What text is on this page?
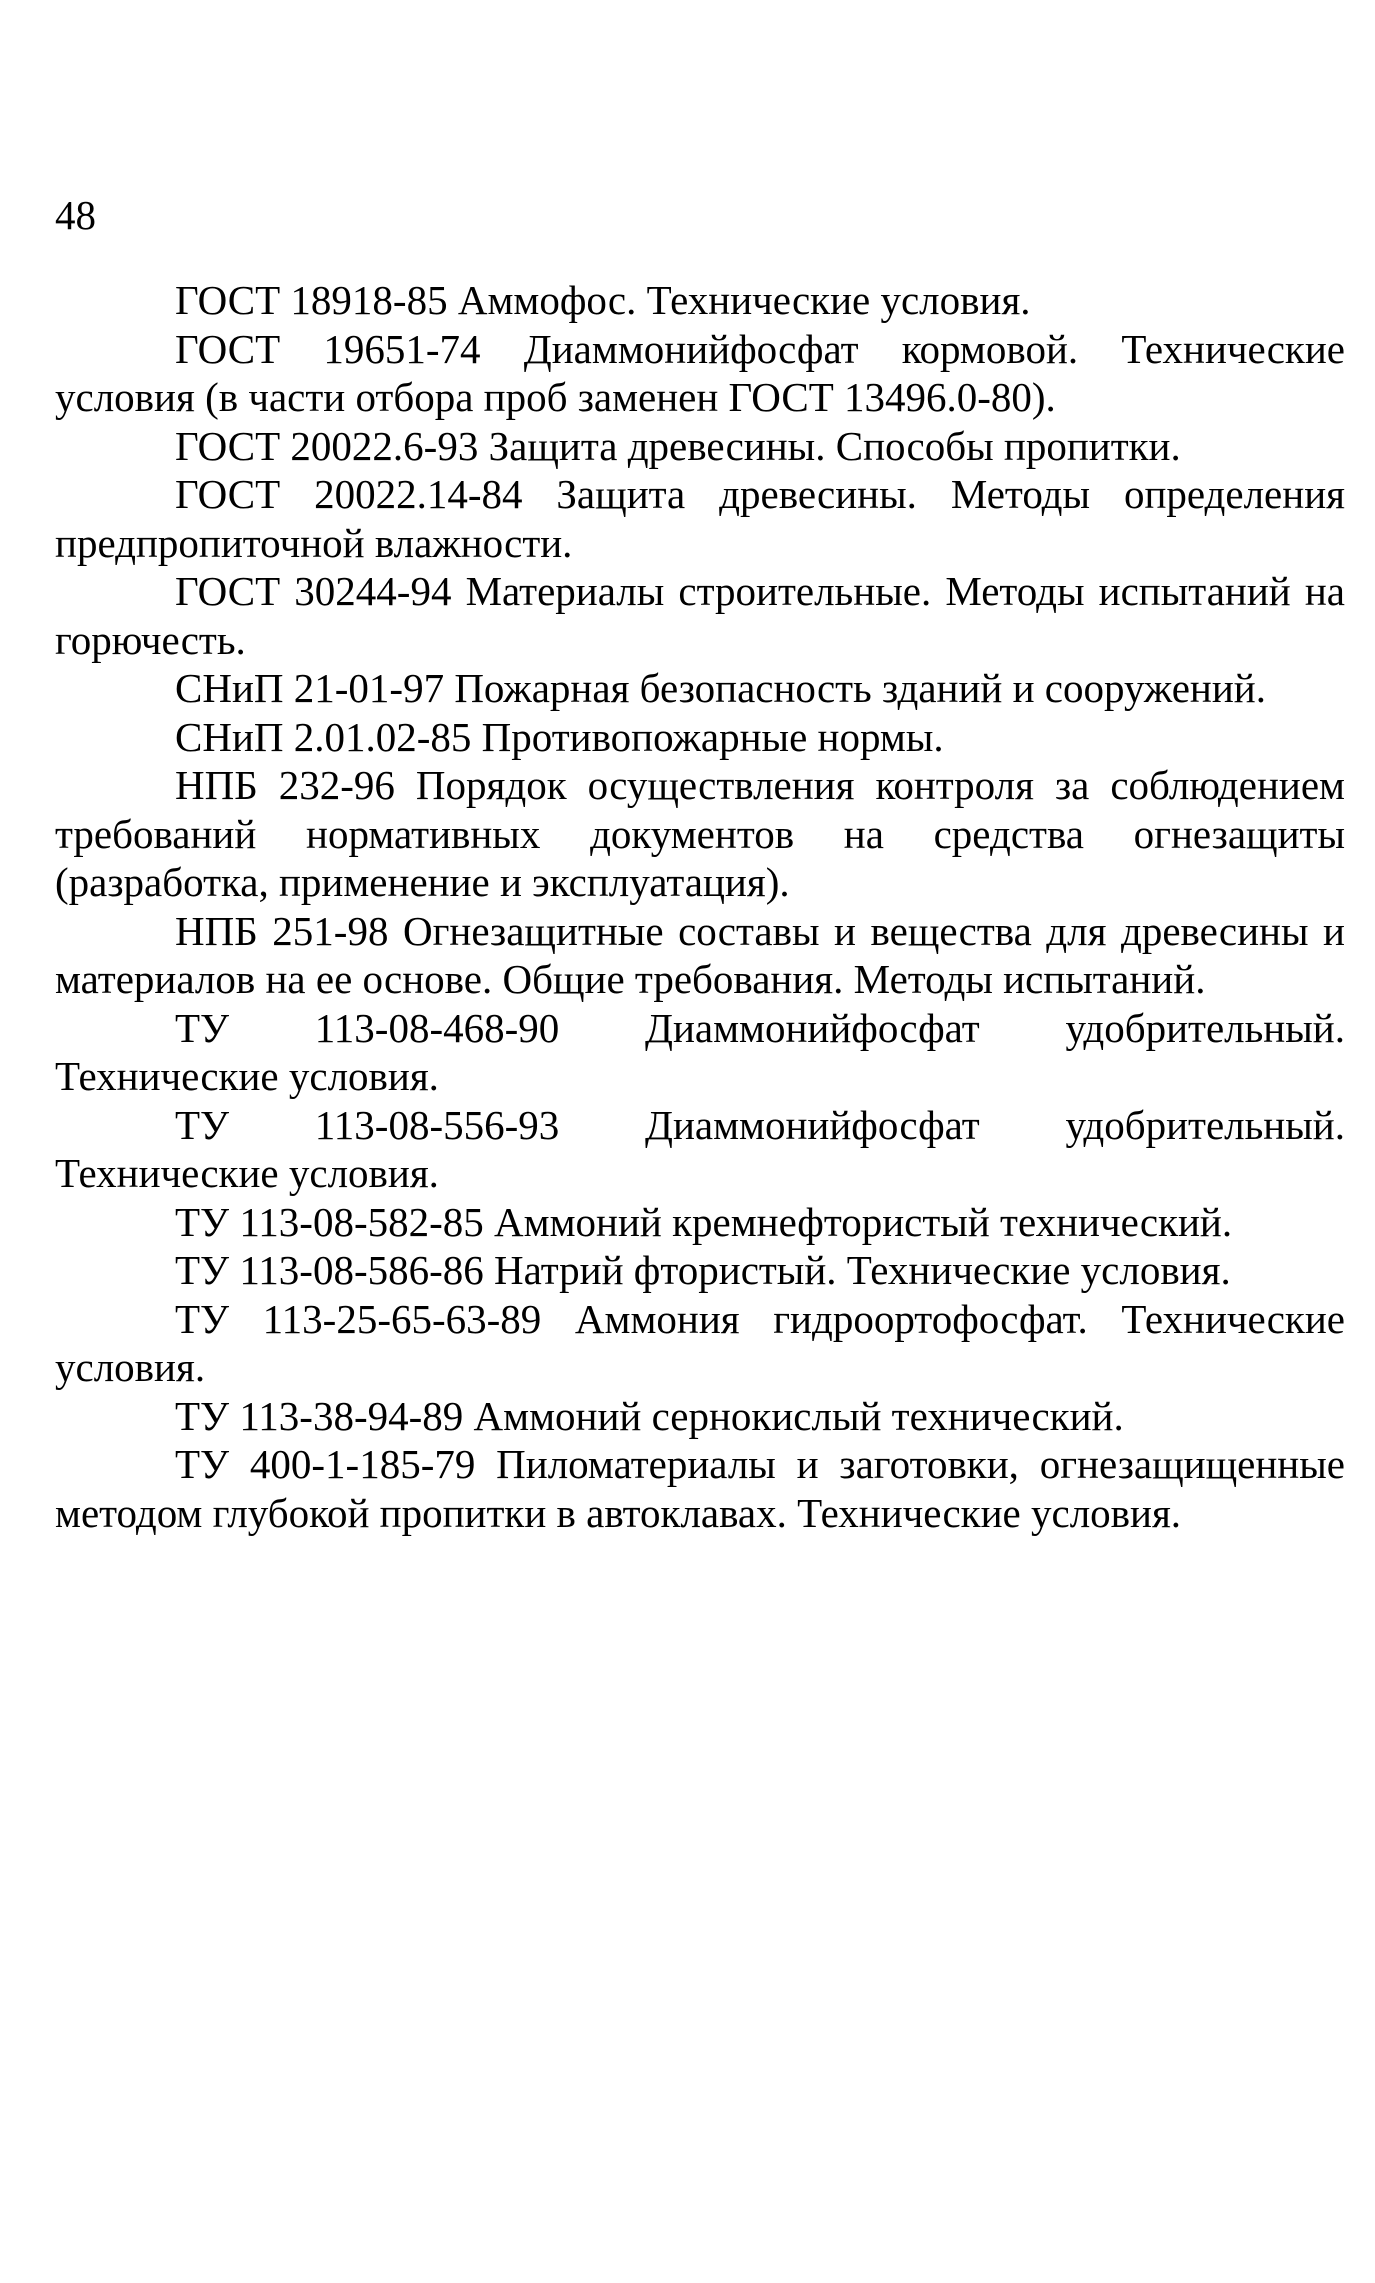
48

ГОСТ 18918-85 Аммофос. Технические условия.
ГОСТ 19651-74 Диаммонийфосфат кормовой. Технические условия (в части отбора проб заменен ГОСТ 13496.0-80).
ГОСТ 20022.6-93 Защита древесины. Способы пропитки.
ГОСТ 20022.14-84 Защита древесины. Методы определения предпропиточной влажности.
ГОСТ 30244-94 Материалы строительные. Методы испытаний на горючесть.
СНиП 21-01-97 Пожарная безопасность зданий и сооружений.
СНиП 2.01.02-85 Противопожарные нормы.
НПБ 232-96 Порядок осуществления контроля за соблюдением требований нормативных документов на средства огнезащиты (разработка, применение и эксплуатация).
НПБ 251-98 Огнезащитные составы и вещества для древесины и материалов на ее основе. Общие требования. Методы испытаний.
ТУ 113-08-468-90 Диаммонийфосфат удобрительный. Технические условия.
ТУ 113-08-556-93 Диаммонийфосфат удобрительный. Технические условия.
ТУ 113-08-582-85 Аммоний кремнефтористый технический.
ТУ 113-08-586-86 Натрий фтористый. Технические условия.
ТУ 113-25-65-63-89 Аммония гидроортофосфат. Технические условия.
ТУ 113-38-94-89 Аммоний сернокислый технический.
ТУ 400-1-185-79 Пиломатериалы и заготовки, огнезащищенные методом глубокой пропитки в автоклавах. Технические условия.
